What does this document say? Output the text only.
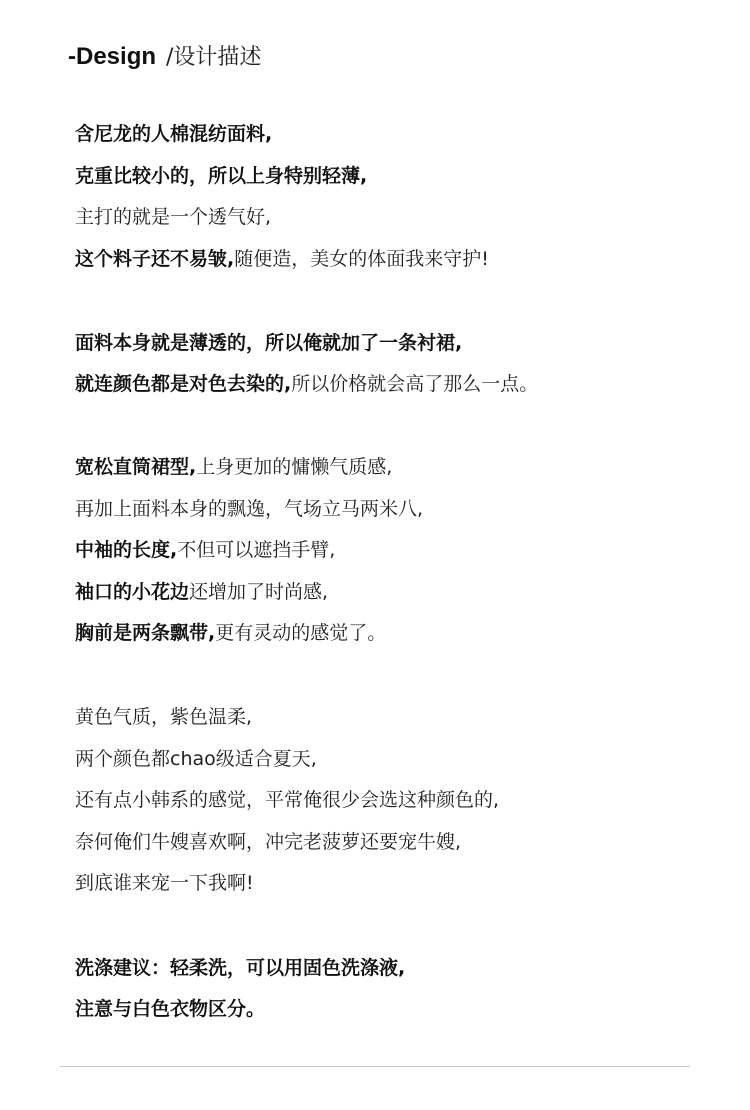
-Design /设计描述
含尼龙的人棉混纺面料,
克重比较小的，所以上身特别轻薄,
主打的就是一个透气好,
这个料子还不易皱,随便造，美女的体面我来守护!
面料本身就是薄透的，所以俺就加了一条衬裙,
就连颜色都是对色去染的,所以价格就会高了那么一点。
宽松直筒裙型,上身更加的慵懒气质感,
再加上面料本身的飘逸，气场立马两米八,
中袖的长度,不但可以遮挡手臂,
袖口的小花边还增加了时尚感,
胸前是两条飘带,更有灵动的感觉了。
黄色气质，紫色温柔,
两个颜色都chao级适合夏天,
还有点小韩系的感觉，平常俺很少会选这种颜色的,
奈何俺们牛嫂喜欢啊，冲完老菠萝还要宠牛嫂,
到底谁来宠一下我啊!
洗涤建议：轻柔洗，可以用固色洗涤液,
注意与白色衣物区分。
